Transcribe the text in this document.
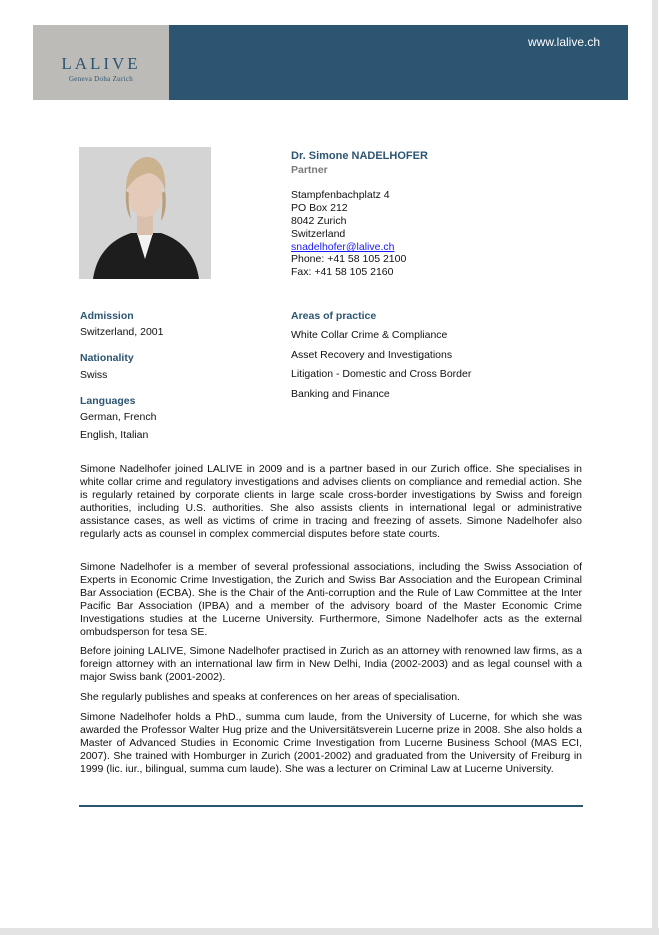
LALIVE
Geneva Doha Zurich
www.lalive.ch
Dr. Simone NADELHOFER
Partner
Stampfenbachplatz 4
PO Box 212
8042 Zurich
Switzerland
snadelhofer@lalive.ch
Phone: +41 58 105 2100
Fax: +41 58 105 2160
Admission
Switzerland, 2001
Nationality
Swiss
Languages
German, French
English, Italian
Areas of practice
White Collar Crime & Compliance
Asset Recovery and Investigations
Litigation - Domestic and Cross Border
Banking and Finance
Simone Nadelhofer joined LALIVE in 2009 and is a partner based in our Zurich office. She specialises in white collar crime and regulatory investigations and advises clients on compliance and remedial action. She is regularly retained by corporate clients in large scale cross-border investigations by Swiss and foreign authorities, including U.S. authorities. She also assists clients in international legal or administrative assistance cases, as well as victims of crime in tracing and freezing of assets. Simone Nadelhofer also regularly acts as counsel in complex commercial disputes before state courts.
Simone Nadelhofer is a member of several professional associations, including the Swiss Association of Experts in Economic Crime Investigation, the Zurich and Swiss Bar Association and the European Criminal Bar Association (ECBA). She is the Chair of the Anti-corruption and the Rule of Law Committee at the Inter Pacific Bar Association (IPBA) and a member of the advisory board of the Master Economic Crime Investigations studies at the Lucerne University. Furthermore, Simone Nadelhofer acts as the external ombudsperson for tesa SE.
Before joining LALIVE, Simone Nadelhofer practised in Zurich as an attorney with renowned law firms, as a foreign attorney with an international law firm in New Delhi, India (2002-2003) and as legal counsel with a major Swiss bank (2001-2002).
She regularly publishes and speaks at conferences on her areas of specialisation.
Simone Nadelhofer holds a PhD., summa cum laude, from the University of Lucerne, for which she was awarded the Professor Walter Hug prize and the Universitätsverein Lucerne prize in 2008. She also holds a Master of Advanced Studies in Economic Crime Investigation from Lucerne Business School (MAS ECI, 2007). She trained with Homburger in Zurich (2001-2002) and graduated from the University of Freiburg in 1999 (lic. iur., bilingual, summa cum laude). She was a lecturer on Criminal Law at Lucerne University.
